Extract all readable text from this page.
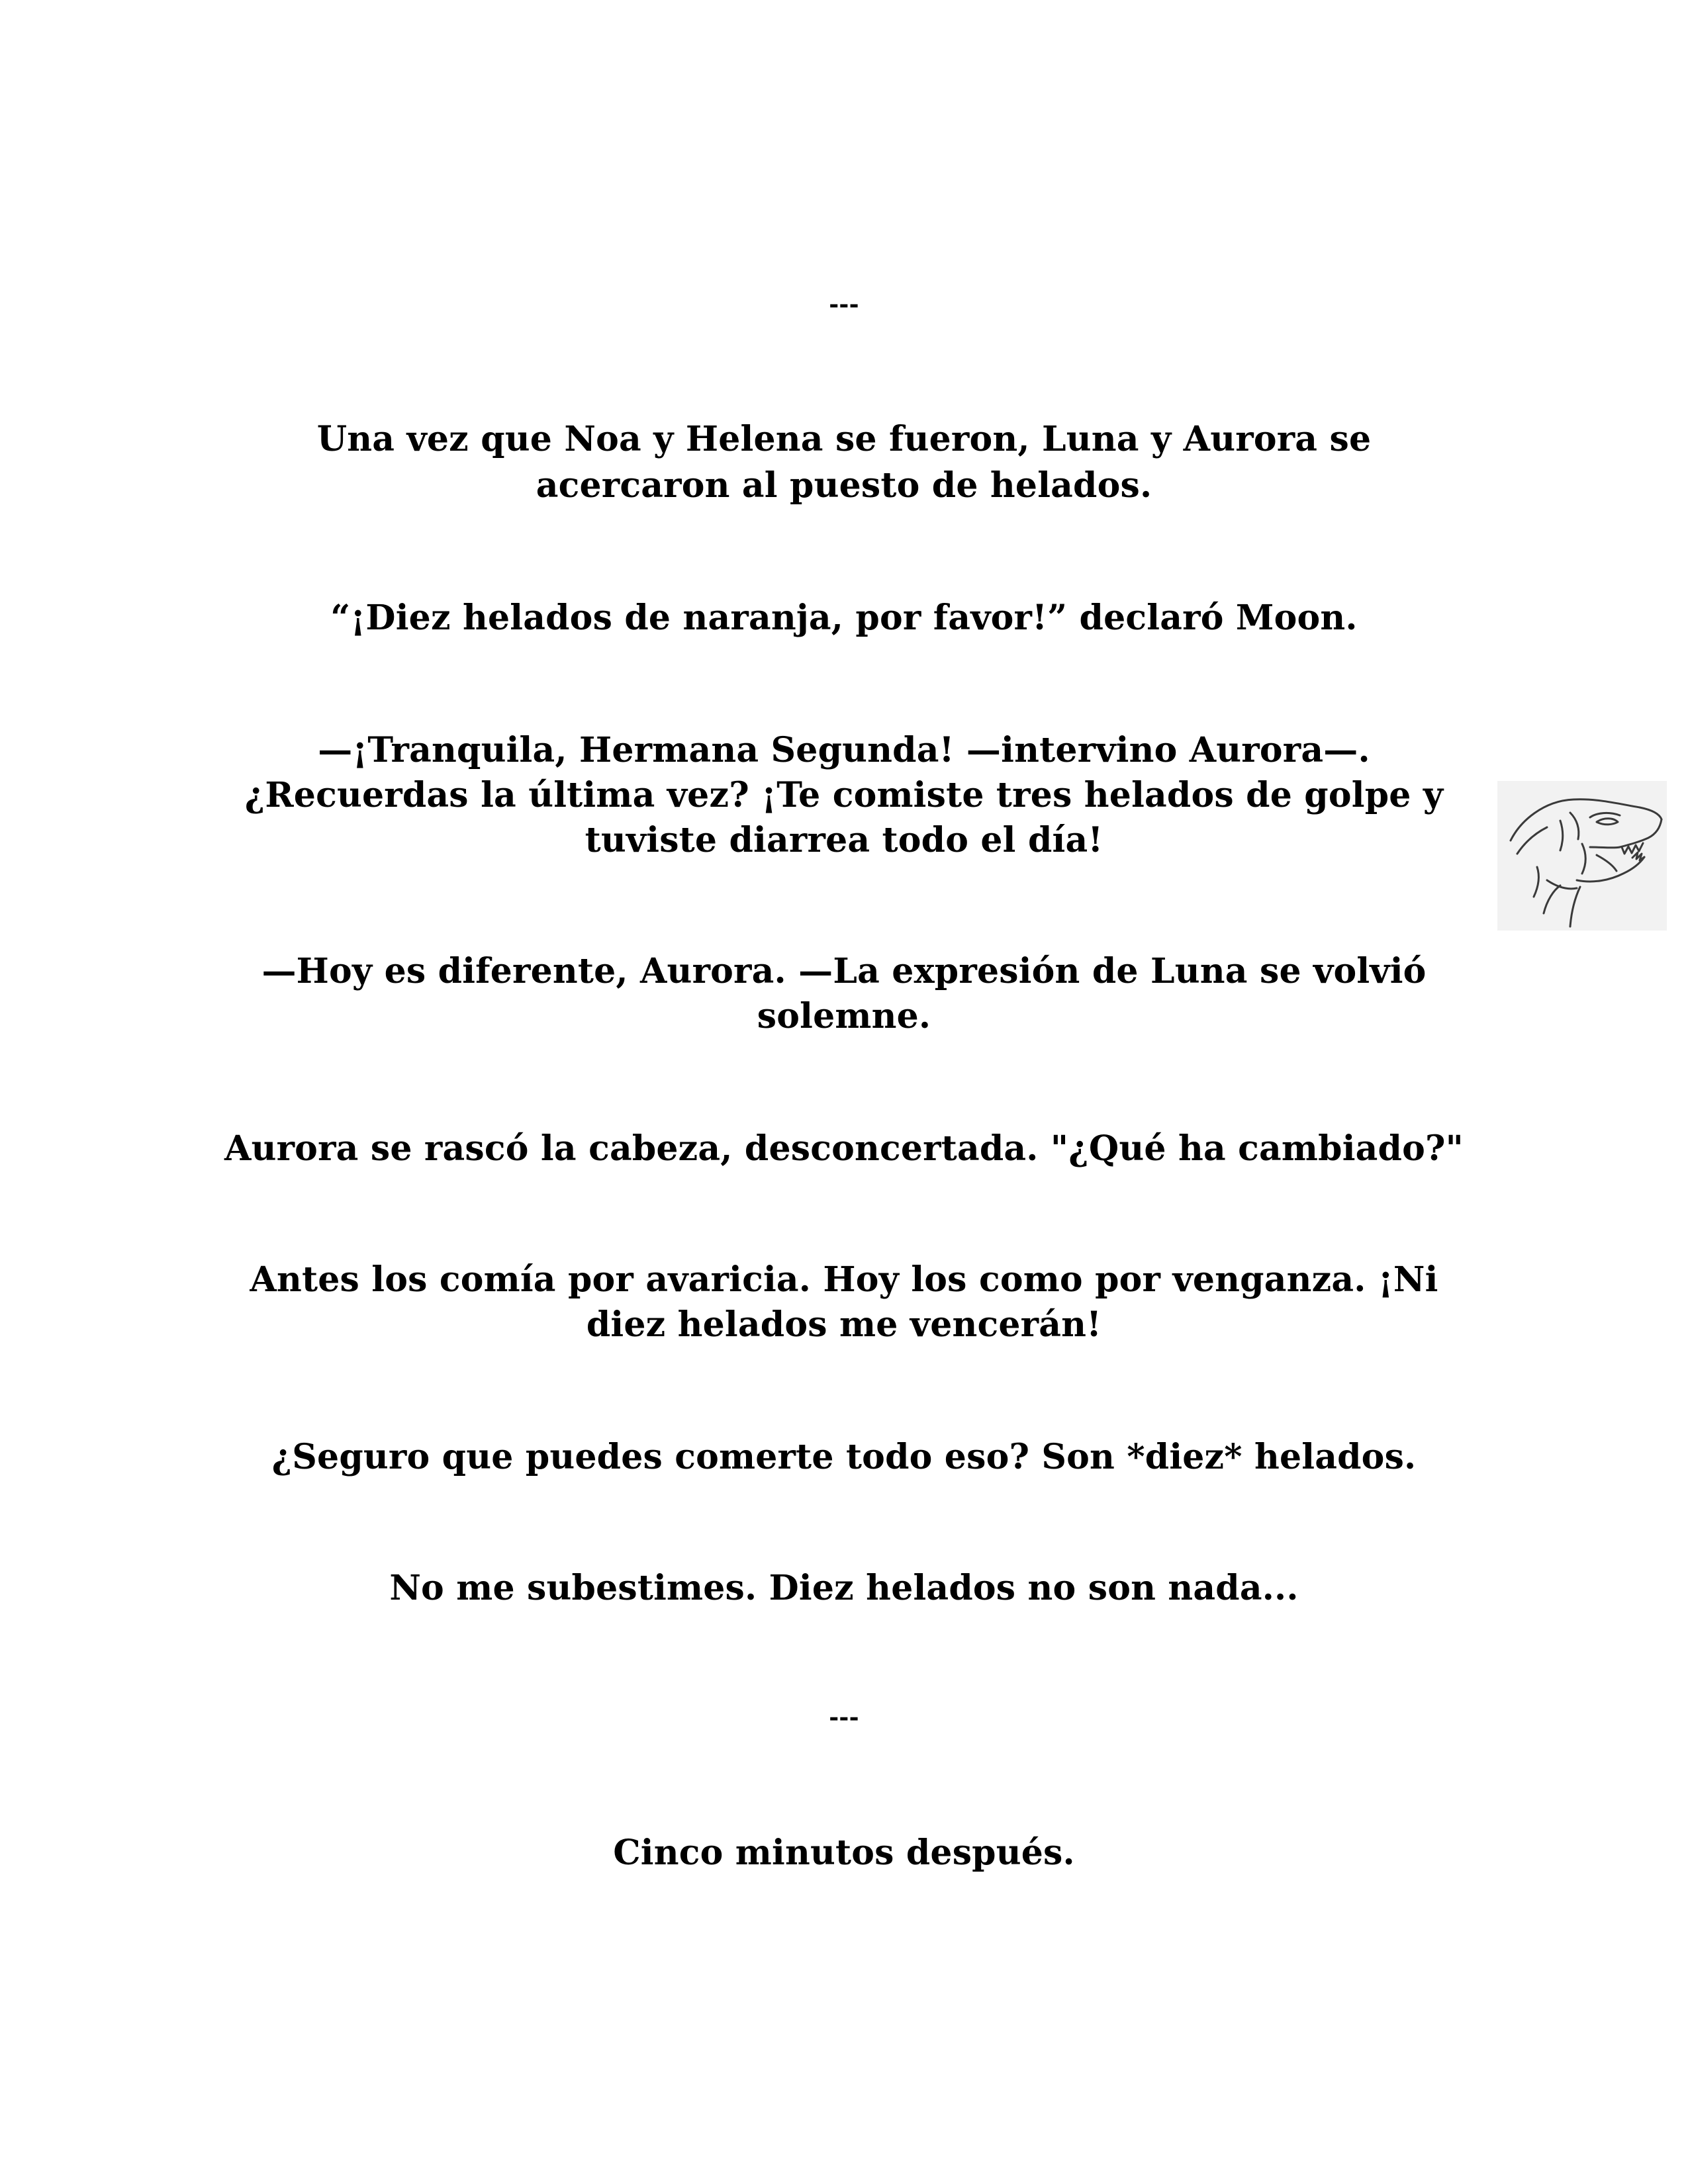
---
Una vez que Noa y Helena se fueron, Luna y Aurora se
acercaron al puesto de helados.
“¡Diez helados de naranja, por favor!” declaró Moon.
—¡Tranquila, Hermana Segunda! —intervino Aurora—.
¿Recuerdas la última vez? ¡Te comiste tres helados de golpe y
tuviste diarrea todo el día!
—Hoy es diferente, Aurora. —La expresión de Luna se volvió
solemne.
Aurora se rascó la cabeza, desconcertada. "¿Qué ha cambiado?"
Antes los comía por avaricia. Hoy los como por venganza. ¡Ni
diez helados me vencerán!
¿Seguro que puedes comerte todo eso? Son *diez* helados.
No me subestimes. Diez helados no son nada...
---
Cinco minutos después.
